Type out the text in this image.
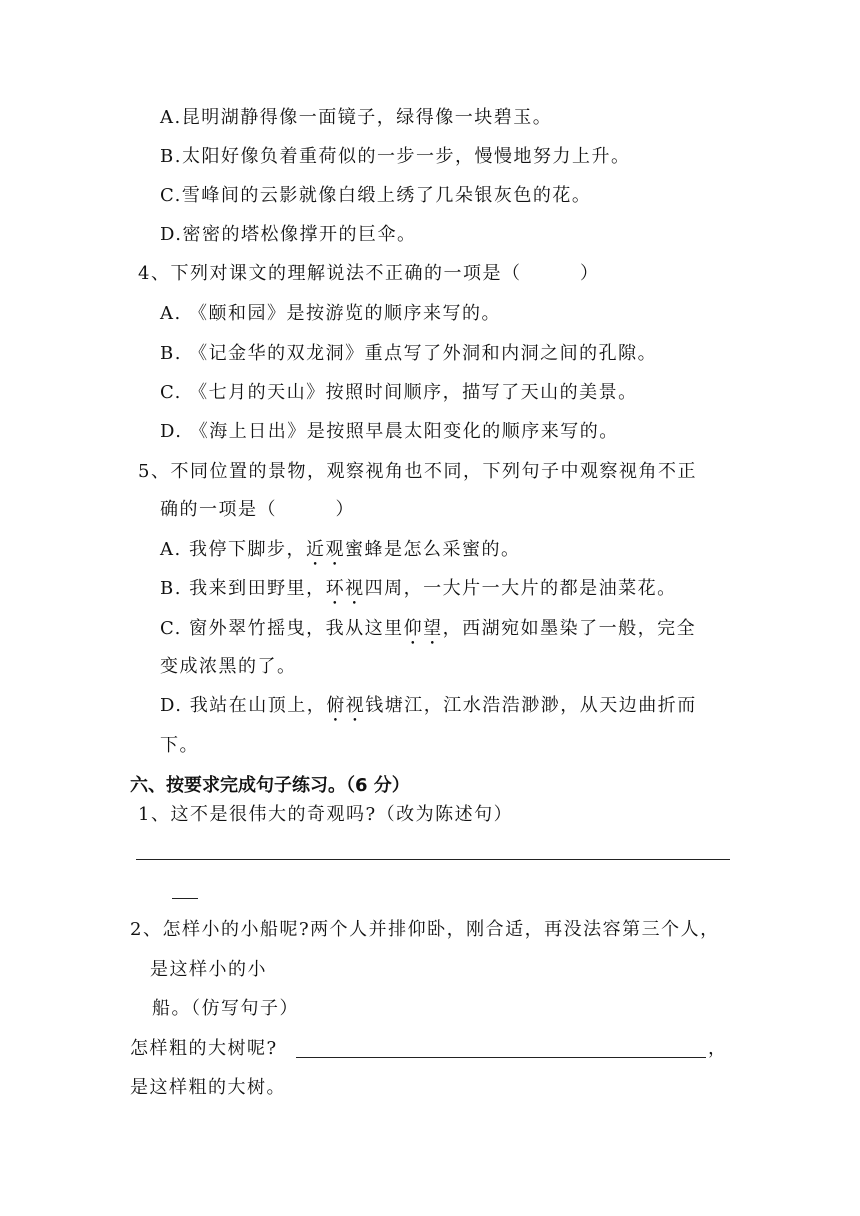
A.昆明湖静得像一面镜子，绿得像一块碧玉。
B.太阳好像负着重荷似的一步一步，慢慢地努力上升。
C.雪峰间的云影就像白缎上绣了几朵银灰色的花。
D.密密的塔松像撑开的巨伞。
4、下列对课文的理解说法不正确的一项是（　　　）
A. 《颐和园》是按游览的顺序来写的。
B. 《记金华的双龙洞》重点写了外洞和内洞之间的孔隙。
C. 《七月的天山》按照时间顺序，描写了天山的美景。
D. 《海上日出》是按照早晨太阳变化的顺序来写的。
5、不同位置的景物，观察视角也不同，下列句子中观察视角不正
确的一项是（　　　）
A. 我停下脚步，近观蜜蜂是怎么采蜜的。
B. 我来到田野里，环视四周，一大片一大片的都是油菜花。
C. 窗外翠竹摇曳，我从这里仰望，西湖宛如墨染了一般，完全
变成浓黑的了。
D. 我站在山顶上，俯视钱塘江，江水浩浩渺渺，从天边曲折而
下。
六、按要求完成句子练习。（6 分）
1、这不是很伟大的奇观吗?（改为陈述句）
2、怎样小的小船呢?两个人并排仰卧，刚合适，再没法容第三个人，
是这样小的小
船。（仿写句子）
怎样粗的大树呢?	，
是这样粗的大树。
